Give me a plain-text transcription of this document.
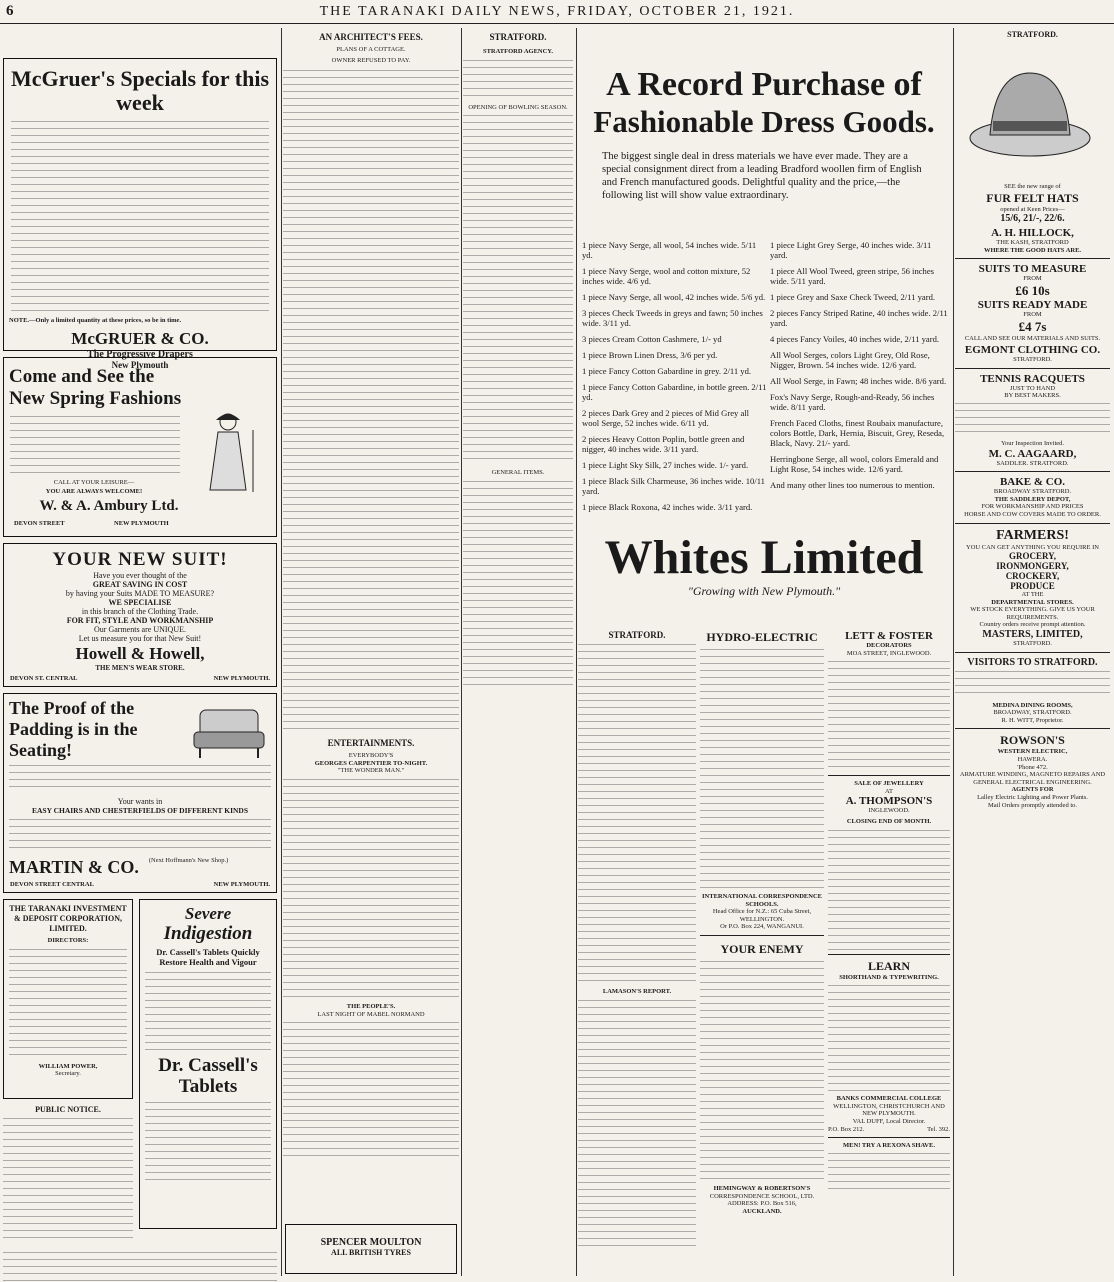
6	THE TARANAKI DAILY NEWS, FRIDAY, OCTOBER 21, 1921.
McGruer's Specials for this week
NOTE.—Only a limited quantity at these prices, so be in time.
McGRUER & CO.
The Progressive Drapers
New Plymouth
Come and See the
New Spring Fashions
CALL AT YOUR LEISURE—
YOU ARE ALWAYS WELCOME!
W. & A. Ambury Ltd.
DEVON STREET	NEW PLYMOUTH
YOUR NEW SUIT!
Have you ever thought of the
GREAT SAVING IN COST
by having your Suits MADE TO MEASURE?
WE SPECIALISE
in this branch of the Clothing Trade.
FOR FIT, STYLE AND WORKMANSHIP
Our Garments are UNIQUE.
Let us measure you for that New Suit!
Howell & Howell,
THE MEN'S WEAR STORE.
DEVON ST. CENTRAL	NEW PLYMOUTH.
The Proof of the Padding is in the Seating!
Your wants in
EASY CHAIRS AND CHESTERFIELDS OF DIFFERENT KINDS
MARTIN & CO. (Next Hoffmann's New Shop.)
DEVON STREET CENTRAL	NEW PLYMOUTH.
THE TARANAKI INVESTMENT & DEPOSIT CORPORATION, LIMITED.
DIRECTORS:
WILLIAM POWER,
Secretary.
PUBLIC NOTICE.
Severe
Indigestion
Dr. Cassell's Tablets Quickly Restore Health and Vigour
Dr. Cassell's Tablets
AN ARCHITECT'S FEES.
PLANS OF A COTTAGE.
OWNER REFUSED TO PAY.
ENTERTAINMENTS.
EVERYBODY'S
GEORGES CARPENTIER TO-NIGHT.
"THE WONDER MAN."
THE PEOPLE'S.
LAST NIGHT OF MABEL NORMAND
SPENCER MOULTON
ALL BRITISH TYRES
STRATFORD.
STRATFORD AGENCY.
OPENING OF BOWLING SEASON.
GENERAL ITEMS.
A Record Purchase of
Fashionable Dress Goods.
The biggest single deal in dress materials we have ever made. They are a special consignment direct from a leading Bradford woollen firm of English and French manufactured goods. Delightful quality and the price,—the following list will show value extraordinary.
1 piece Navy Serge, all wool, 54 inches wide. 5/11 yd.
1 piece Navy Serge, wool and cotton mixture, 52 inches wide. 4/6 yd.
1 piece Navy Serge, all wool, 42 inches wide. 5/6 yd.
3 pieces Check Tweeds in greys and fawn; 50 inches wide. 3/11 yd.
3 pieces Cream Cotton Cashmere, 1/- yd
1 piece Brown Linen Dress, 3/6 per yd.
1 piece Fancy Cotton Gabardine in grey. 2/11 yd.
1 piece Fancy Cotton Gabardine, in bottle green. 2/11 yd.
2 pieces Dark Grey and 2 pieces of Mid Grey all wool Serge, 52 inches wide. 6/11 yd.
2 pieces Heavy Cotton Poplin, bottle green and nigger, 40 inches wide. 3/11 yard.
1 piece Light Sky Silk, 27 inches wide. 1/- yard.
1 piece Black Silk Charmeuse, 36 inches wide. 10/11 yard.
1 piece Black Roxona, 42 inches wide. 3/11 yard.
1 piece Light Grey Serge, 40 inches wide. 3/11 yard.
1 piece All Wool Tweed, green stripe, 56 inches wide. 5/11 yard.
1 piece Grey and Saxe Check Tweed, 2/11 yard.
2 pieces Fancy Striped Ratine, 40 inches wide. 2/11 yard.
4 pieces Fancy Voiles, 40 inches wide, 2/11 yard.
All Wool Serges, colors Light Grey, Old Rose, Nigger, Brown. 54 inches wide. 12/6 yard.
All Wool Serge, in Fawn; 48 inches wide. 8/6 yard.
Fox's Navy Serge, Rough-and-Ready, 56 inches wide. 8/11 yard.
French Faced Cloths, finest Roubaix manufacture, colors Bottle, Dark, Hernia, Biscuit, Grey, Reseda, Black, Navy. 21/- yard.
Herringbone Serge, all wool, colors Emerald and Light Rose, 54 inches wide. 12/6 yard.
And many other lines too numerous to mention.
Whites Limited
"Growing with New Plymouth."
STRATFORD.
LAMASON'S REPORT.
HYDRO-ELECTRIC
INTERNATIONAL CORRESPONDENCE SCHOOLS.
Head Office for N.Z.: 65 Cuba Street, WELLINGTON.
Or P.O. Box 224, WANGANUI.
YOUR ENEMY
HEMINGWAY & ROBERTSON'S
CORRESPONDENCE SCHOOL, LTD.
ADDRESS: P.O. Box 516,
AUCKLAND.
LETT & FOSTER
DECORATORS
MOA STREET, INGLEWOOD.
SALE OF JEWELLERY
AT
A. THOMPSON'S
INGLEWOOD.
CLOSING END OF MONTH.
LEARN
SHORTHAND & TYPEWRITING.
BANKS COMMERCIAL COLLEGE
WELLINGTON, CHRISTCHURCH AND NEW PLYMOUTH.
VAL DUFF, Local Director.
P.O. Box 212.	Tel. 392.
MEN! TRY A REXONA SHAVE.
STRATFORD.
SEE the new range of
FUR FELT HATS
opened at Keen Prices—
15/6, 21/-, 22/6.
A. H. HILLOCK,
THE KASH, STRATFORD
WHERE THE GOOD HATS ARE.
SUITS TO MEASURE
FROM
£6 10s
SUITS READY MADE
FROM
£4 7s
CALL AND SEE OUR MATERIALS AND SUITS.
EGMONT CLOTHING CO.
STRATFORD.
TENNIS RACQUETS
JUST TO HAND
BY BEST MAKERS.
Your Inspection Invited.
M. C. AAGAARD,
SADDLER. STRATFORD.
BAKE & CO.
BROADWAY STRATFORD.
THE SADDLERY DEPOT,
FOR WORKMANSHIP AND PRICES
HORSE AND COW COVERS MADE TO ORDER.
FARMERS!
YOU CAN GET ANYTHING YOU REQUIRE IN
GROCERY,
IRONMONGERY,
CROCKERY,
PRODUCE
AT THE
DEPARTMENTAL STORES.
WE STOCK EVERYTHING. GIVE US YOUR REQUIREMENTS.
Country orders receive prompt attention.
MASTERS, LIMITED,
STRATFORD.
VISITORS TO STRATFORD.
MEDINA DINING ROOMS,
BROADWAY, STRATFORD.
R. H. WITT, Proprietor.
ROWSON'S
WESTERN ELECTRIC,
HAWERA.
'Phone 472.
ARMATURE WINDING, MAGNETO REPAIRS AND GENERAL ELECTRICAL ENGINEERING.
AGENTS FOR
Lalley Electric Lighting and Power Plants.
Mail Orders promptly attended to.
